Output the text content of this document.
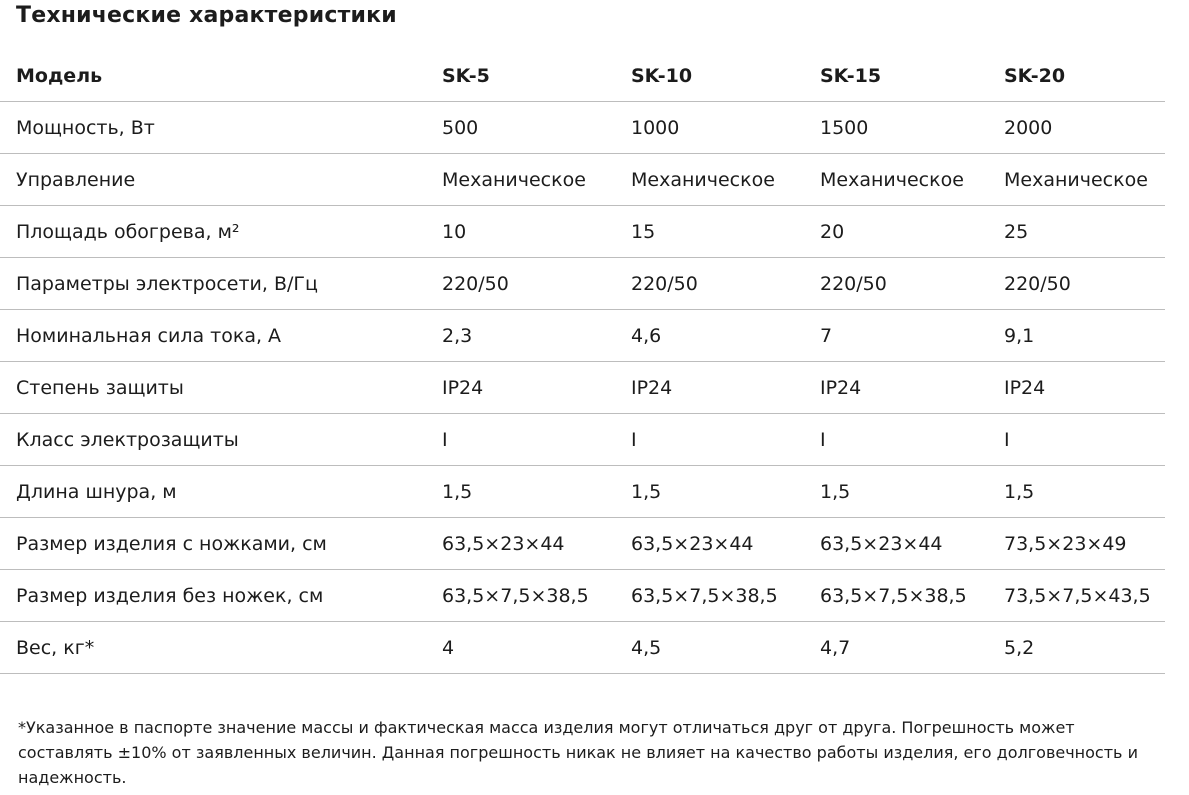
Технические характеристики
Модель	SK-5	SK-10	SK-15	SK-20
Мощность, Вт	500	1000	1500	2000
Управление	Механическое	Механическое	Механическое	Механическое
Площадь обогрева, м²	10	15	20	25
Параметры электросети, В/Гц	220/50	220/50	220/50	220/50
Номинальная сила тока, А	2,3	4,6	7	9,1
Степень защиты	IP24	IP24	IP24	IP24
Класс электрозащиты	I	I	I	I
Длина шнура, м	1,5	1,5	1,5	1,5
Размер изделия с ножками, см	63,5×23×44	63,5×23×44	63,5×23×44	73,5×23×49
Размер изделия без ножек, см	63,5×7,5×38,5	63,5×7,5×38,5	63,5×7,5×38,5	73,5×7,5×43,5
Вес, кг*	4	4,5	4,7	5,2

*Указанное в паспорте значение массы и фактическая масса изделия могут отличаться друг от друга. Погрешность может составлять ±10% от заявленных величин. Данная погрешность никак не влияет на качество работы изделия, его долговечность и надежность.
